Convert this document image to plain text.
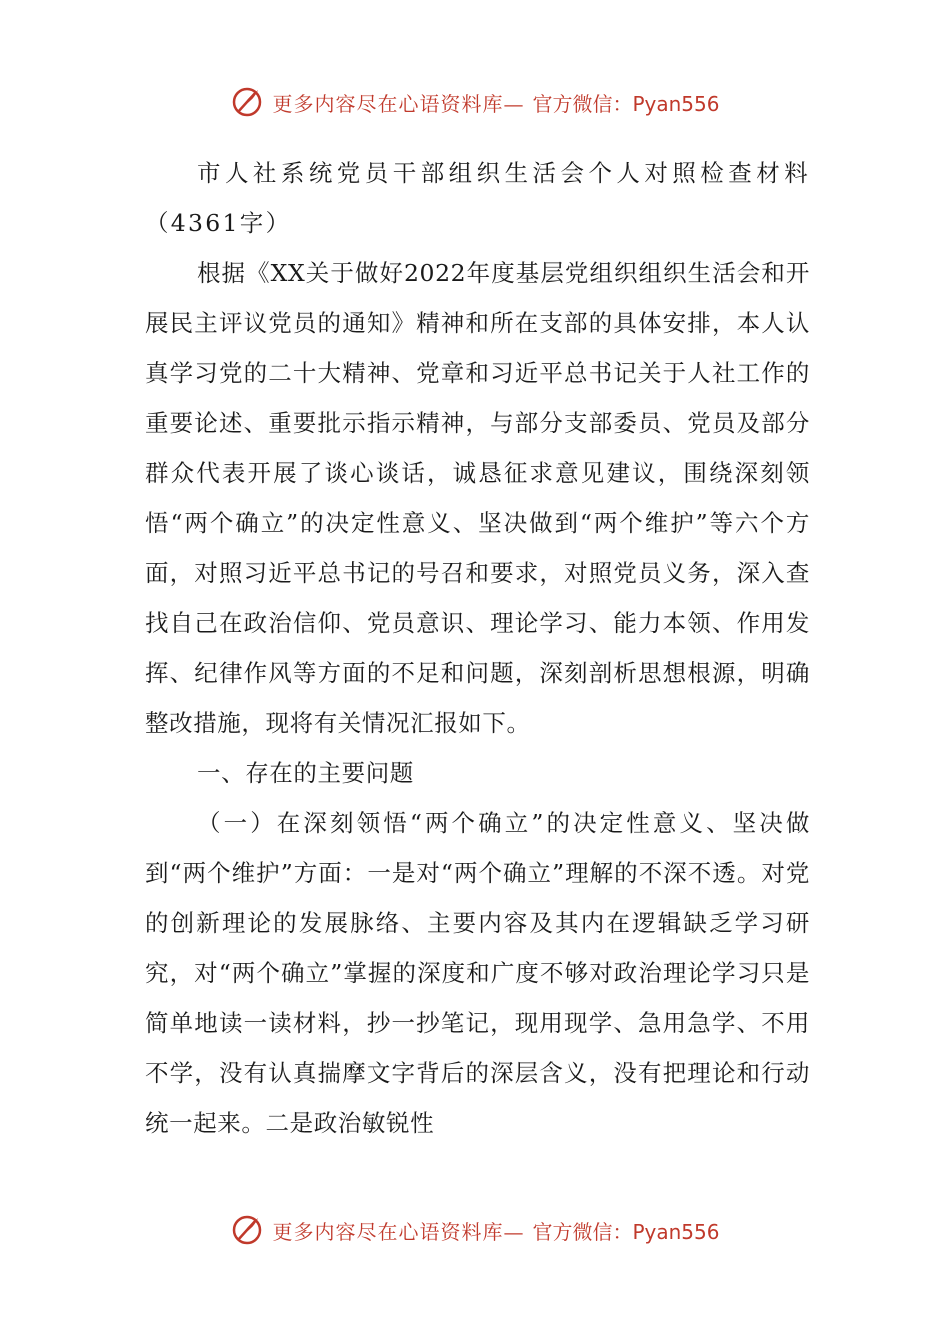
更多内容尽在心语资料库— 官方微信：Pyan556

市人社系统党员干部组织生活会个人对照检查材料（4361字）

根据《XX关于做好2022年度基层党组织组织生活会和开展民主评议党员的通知》精神和所在支部的具体安排，本人认真学习党的二十大精神、党章和习近平总书记关于人社工作的重要论述、重要批示指示精神，与部分支部委员、党员及部分群众代表开展了谈心谈话，诚恳征求意见建议，围绕深刻领悟“两个确立”的决定性意义、坚决做到“两个维护”等六个方面，对照习近平总书记的号召和要求，对照党员义务，深入查找自己在政治信仰、党员意识、理论学习、能力本领、作用发挥、纪律作风等方面的不足和问题，深刻剖析思想根源，明确整改措施，现将有关情况汇报如下。

一、存在的主要问题

（一）在深刻领悟“两个确立”的决定性意义、坚决做到“两个维护”方面：一是对“两个确立”理解的不深不透。对党的创新理论的发展脉络、主要内容及其内在逻辑缺乏学习研究，对“两个确立”掌握的深度和广度不够对政治理论学习只是简单地读一读材料，抄一抄笔记，现用现学、急用急学、不用不学，没有认真揣摩文字背后的深层含义，没有把理论和行动统一起来。二是政治敏锐性

更多内容尽在心语资料库— 官方微信：Pyan556
